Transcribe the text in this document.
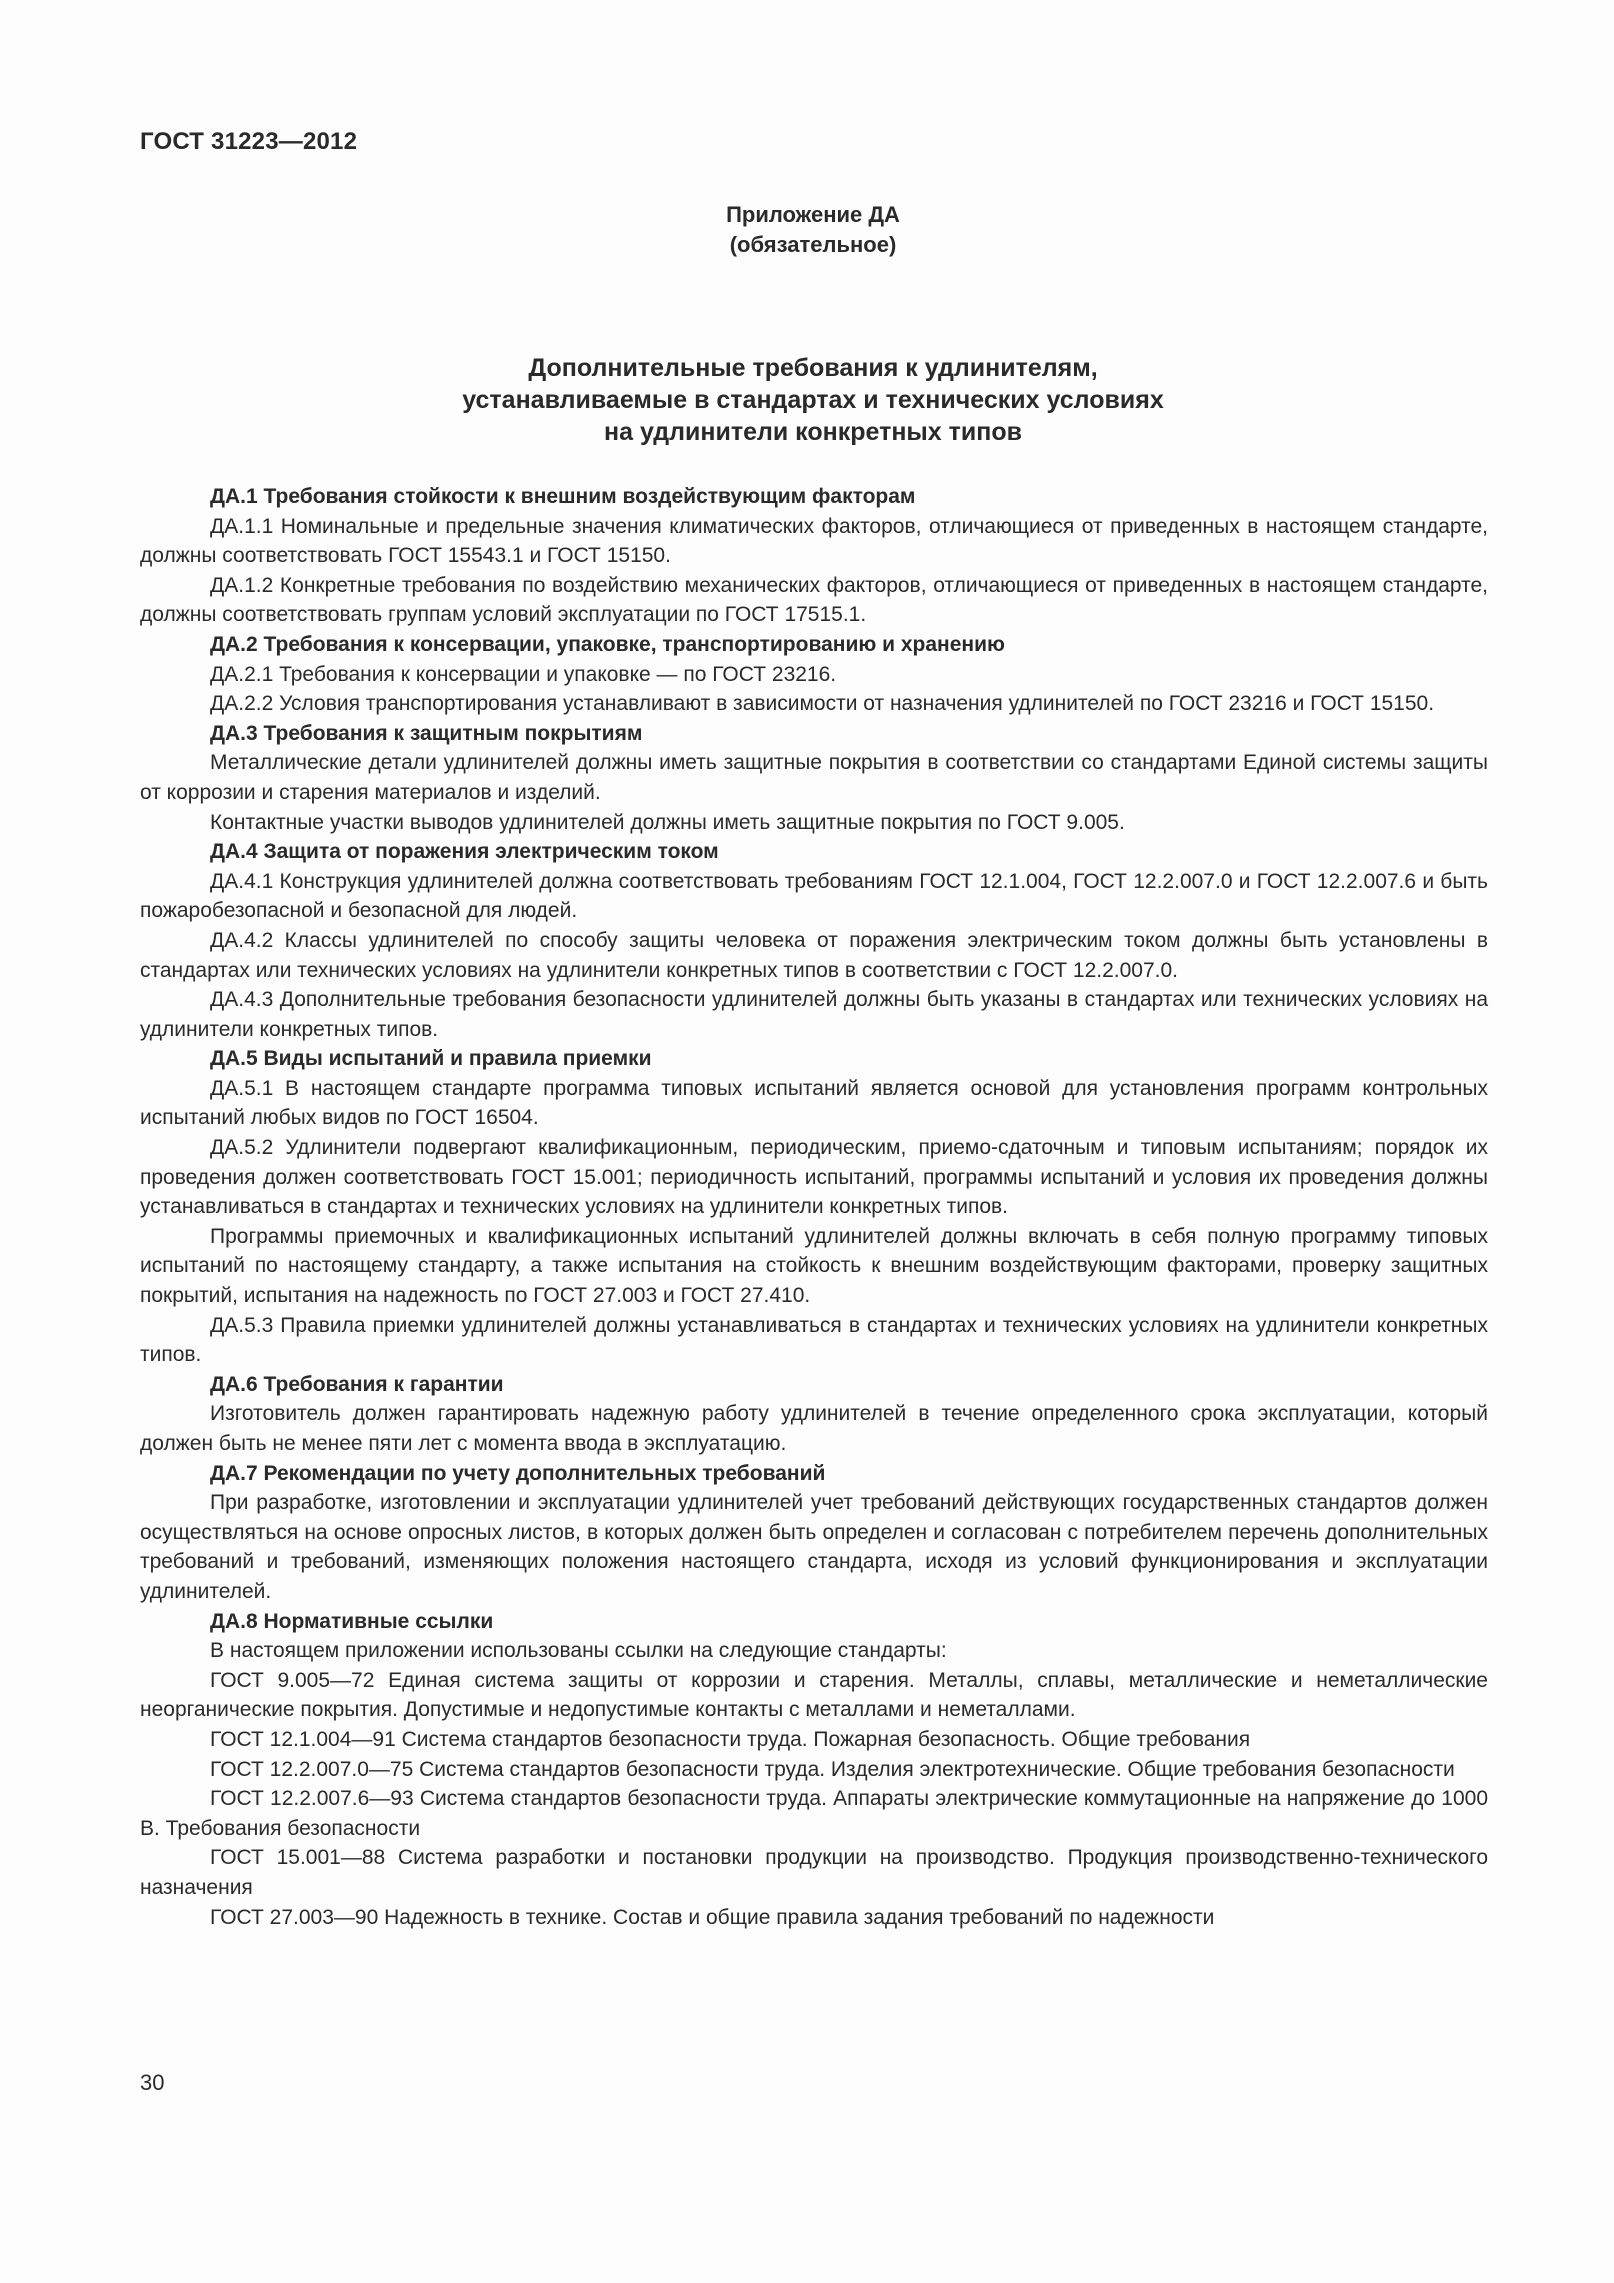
ГОСТ 31223—2012
Приложение ДА
(обязательное)
Дополнительные требования к удлинителям,
устанавливаемые в стандартах и технических условиях
на удлинители конкретных типов

ДА.1 Требования стойкости к внешним воздействующим факторам

ДА.1.1 Номинальные и предельные значения климатических факторов, отличающиеся от приведенных в настоящем стандарте, должны соответствовать ГОСТ 15543.1 и ГОСТ 15150.

ДА.1.2 Конкретные требования по воздействию механических факторов, отличающиеся от приведенных в настоящем стандарте, должны соответствовать группам условий эксплуатации по ГОСТ 17515.1.

ДА.2 Требования к консервации, упаковке, транспортированию и хранению

ДА.2.1 Требования к консервации и упаковке — по ГОСТ 23216.

ДА.2.2 Условия транспортирования устанавливают в зависимости от назначения удлинителей по ГОСТ 23216 и ГОСТ 15150.

ДА.3 Требования к защитным покрытиям

Металлические детали удлинителей должны иметь защитные покрытия в соответствии со стандартами Единой системы защиты от коррозии и старения материалов и изделий.

Контактные участки выводов удлинителей должны иметь защитные покрытия по ГОСТ 9.005.

ДА.4 Защита от поражения электрическим током

ДА.4.1 Конструкция удлинителей должна соответствовать требованиям ГОСТ 12.1.004, ГОСТ 12.2.007.0 и ГОСТ 12.2.007.6 и быть пожаробезопасной и безопасной для людей.

ДА.4.2 Классы удлинителей по способу защиты человека от поражения электрическим током должны быть установлены в стандартах или технических условиях на удлинители конкретных типов в соответствии с ГОСТ 12.2.007.0.

ДА.4.3 Дополнительные требования безопасности удлинителей должны быть указаны в стандартах или технических условиях на удлинители конкретных типов.

ДА.5 Виды испытаний и правила приемки

ДА.5.1 В настоящем стандарте программа типовых испытаний является основой для установления программ контрольных испытаний любых видов по ГОСТ 16504.

ДА.5.2 Удлинители подвергают квалификационным, периодическим, приемо-сдаточным и типовым испытаниям; порядок их проведения должен соответствовать ГОСТ 15.001; периодичность испытаний, программы испытаний и условия их проведения должны устанавливаться в стандартах и технических условиях на удлинители конкретных типов.

Программы приемочных и квалификационных испытаний удлинителей должны включать в себя полную программу типовых испытаний по настоящему стандарту, а также испытания на стойкость к внешним воздействующим факторами, проверку защитных покрытий, испытания на надежность по ГОСТ 27.003 и ГОСТ 27.410.

ДА.5.3 Правила приемки удлинителей должны устанавливаться в стандартах и технических условиях на удлинители конкретных типов.

ДА.6 Требования к гарантии

Изготовитель должен гарантировать надежную работу удлинителей в течение определенного срока эксплуатации, который должен быть не менее пяти лет с момента ввода в эксплуатацию.

ДА.7 Рекомендации по учету дополнительных требований

При разработке, изготовлении и эксплуатации удлинителей учет требований действующих государственных стандартов должен осуществляться на основе опросных листов, в которых должен быть определен и согласован с потребителем перечень дополнительных требований и требований, изменяющих положения настоящего стандарта, исходя из условий функционирования и эксплуатации удлинителей.

ДА.8 Нормативные ссылки

В настоящем приложении использованы ссылки на следующие стандарты:

ГОСТ 9.005—72 Единая система защиты от коррозии и старения. Металлы, сплавы, металлические и неметаллические неорганические покрытия. Допустимые и недопустимые контакты с металлами и неметаллами.

ГОСТ 12.1.004—91 Система стандартов безопасности труда. Пожарная безопасность. Общие требования

ГОСТ 12.2.007.0—75 Система стандартов безопасности труда. Изделия электротехнические. Общие требования безопасности

ГОСТ 12.2.007.6—93 Система стандартов безопасности труда. Аппараты электрические коммутационные на напряжение до 1000 В. Требования безопасности

ГОСТ 15.001—88 Система разработки и постановки продукции на производство. Продукция производственно-технического назначения

ГОСТ 27.003—90 Надежность в технике. Состав и общие правила задания требований по надежности

30
